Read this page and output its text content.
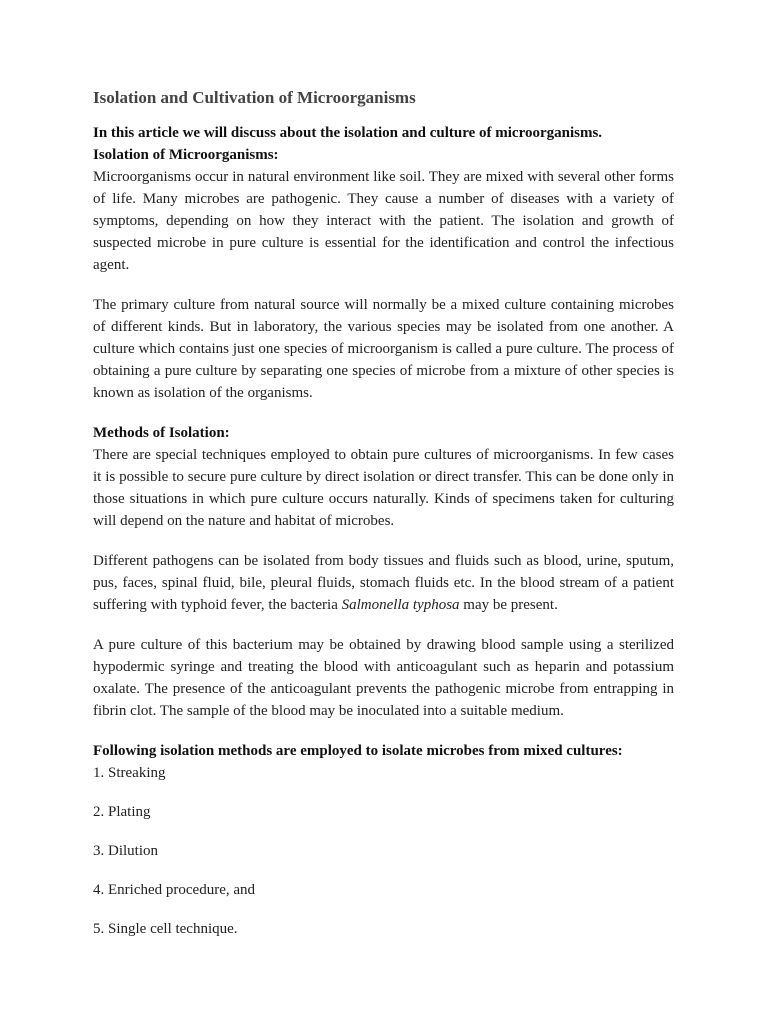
Isolation and Cultivation of Microorganisms

In this article we will discuss about the isolation and culture of microorganisms.

Isolation of Microorganisms:

Microorganisms occur in natural environment like soil. They are mixed with several other forms of life. Many microbes are pathogenic. They cause a number of diseases with a variety of symptoms, depending on how they interact with the patient. The isolation and growth of suspected microbe in pure culture is essential for the identification and control the infectious agent.

The primary culture from natural source will normally be a mixed culture containing microbes of different kinds. But in laboratory, the various species may be isolated from one another. A culture which contains just one species of microorganism is called a pure culture. The process of obtaining a pure culture by separating one species of microbe from a mixture of other species is known as isolation of the organisms.

Methods of Isolation:

There are special techniques employed to obtain pure cultures of microorganisms. In few cases it is possible to secure pure culture by direct isolation or direct transfer. This can be done only in those situations in which pure culture occurs naturally. Kinds of specimens taken for culturing will depend on the nature and habitat of microbes.

Different pathogens can be isolated from body tissues and fluids such as blood, urine, sputum, pus, faces, spinal fluid, bile, pleural fluids, stomach fluids etc. In the blood stream of a patient suffering with typhoid fever, the bacteria Salmonella typhosa may be present.

A pure culture of this bacterium may be obtained by drawing blood sample using a sterilized hypodermic syringe and treating the blood with anticoagulant such as heparin and potassium oxalate. The presence of the anticoagulant prevents the pathogenic microbe from entrapping in fibrin clot. The sample of the blood may be inoculated into a suitable medium.

Following isolation methods are employed to isolate microbes from mixed cultures:

1. Streaking

2. Plating

3. Dilution

4. Enriched procedure, and

5. Single cell technique.
